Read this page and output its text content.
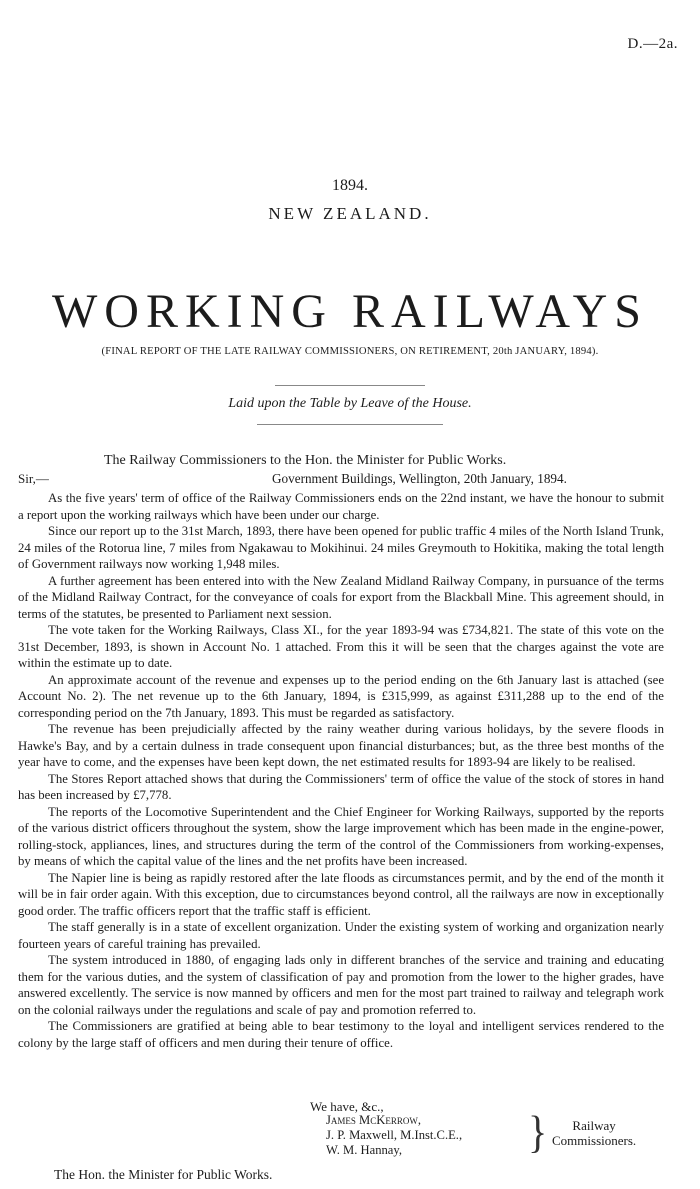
D.—2a.
1894.
NEW ZEALAND.
WORKING RAILWAYS
(FINAL REPORT OF THE LATE RAILWAY COMMISSIONERS, ON RETIREMENT, 20th JANUARY, 1894).
Laid upon the Table by Leave of the House.
The Railway Commissioners to the Hon. the Minister for Public Works.
Sir,—	Government Buildings, Wellington, 20th January, 1894.

As the five years' term of office of the Railway Commissioners ends on the 22nd instant, we have the honour to submit a report upon the working railways which have been under our charge.

Since our report up to the 31st March, 1893, there have been opened for public traffic 4 miles of the North Island Trunk, 24 miles of the Rotorua line, 7 miles from Ngakawau to Mokihinui. 24 miles Greymouth to Hokitika, making the total length of Government railways now working 1,948 miles.

A further agreement has been entered into with the New Zealand Midland Railway Company, in pursuance of the terms of the Midland Railway Contract, for the conveyance of coals for export from the Blackball Mine. This agreement should, in terms of the statutes, be presented to Parliament next session.

The vote taken for the Working Railways, Class XI., for the year 1893-94 was £734,821. The state of this vote on the 31st December, 1893, is shown in Account No. 1 attached. From this it will be seen that the charges against the vote are within the estimate up to date.

An approximate account of the revenue and expenses up to the period ending on the 6th January last is attached (see Account No. 2). The net revenue up to the 6th January, 1894, is £315,999, as against £311,288 up to the end of the corresponding period on the 7th January, 1893. This must be regarded as satisfactory.

The revenue has been prejudicially affected by the rainy weather during various holidays, by the severe floods in Hawke's Bay, and by a certain dulness in trade consequent upon financial disturbances; but, as the three best months of the year have to come, and the expenses have been kept down, the net estimated results for 1893-94 are likely to be realised.

The Stores Report attached shows that during the Commissioners' term of office the value of the stock of stores in hand has been increased by £7,778.

The reports of the Locomotive Superintendent and the Chief Engineer for Working Railways, supported by the reports of the various district officers throughout the system, show the large improvement which has been made in the engine-power, rolling-stock, appliances, lines, and structures during the term of the control of the Commissioners from working-expenses, by means of which the capital value of the lines and the net profits have been increased.

The Napier line is being as rapidly restored after the late floods as circumstances permit, and by the end of the month it will be in fair order again. With this exception, due to circumstances beyond control, all the railways are now in exceptionally good order. The traffic officers report that the traffic staff is efficient.

The staff generally is in a state of excellent organization. Under the existing system of working and organization nearly fourteen years of careful training has prevailed.

The system introduced in 1880, of engaging lads only in different branches of the service and training and educating them for the various duties, and the system of classification of pay and promotion from the lower to the higher grades, have answered excellently. The service is now manned by officers and men for the most part trained to railway and telegraph work on the colonial railways under the regulations and scale of pay and promotion referred to.

The Commissioners are gratified at being able to bear testimony to the loyal and intelligent services rendered to the colony by the large staff of officers and men during their tenure of office.

We have, &c.,
James McKerrow,
J. P. Maxwell, M.Inst.C.E.,
W. M. Hannay,	}	Railway
Commissioners.
The Hon. the Minister for Public Works.
